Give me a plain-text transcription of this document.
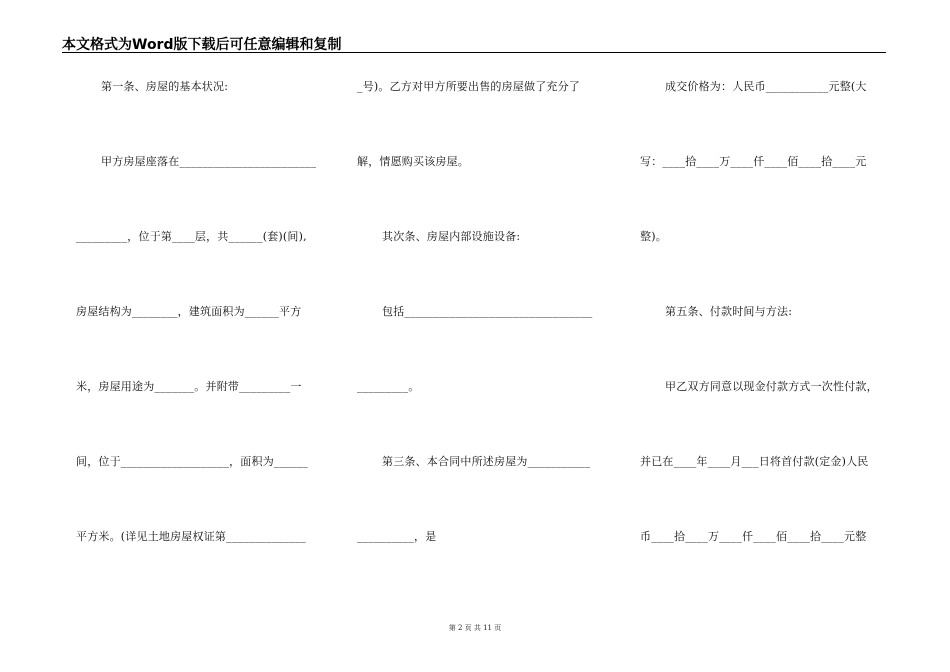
本文格式为Word版下载后可任意编辑和复制
第一条、房屋的基本状况:
甲方房屋座落在________________________
_________，位于第____层，共______(套)(间),
房屋结构为________，建筑面积为______平方
米，房屋用途为_______。并附带_________一
间，位于___________________，面积为______
平方米。(详见土地房屋权证第______________
_号)。乙方对甲方所要出售的房屋做了充分了
解，情愿购买该房屋。
其次条、房屋内部设施设备:
包括_________________________________
_________。
第三条、本合同中所述房屋为___________
__________，是
成交价格为：人民币___________元整(大
写：____拾____万____仟____佰____拾____元
整)。
第五条、付款时间与方法:
甲乙双方同意以现金付款方式一次性付款，
并已在____年____月___日将首付款(定金)人民
币____拾____万____仟____佰____拾____元整
第 2 页 共 11 页
